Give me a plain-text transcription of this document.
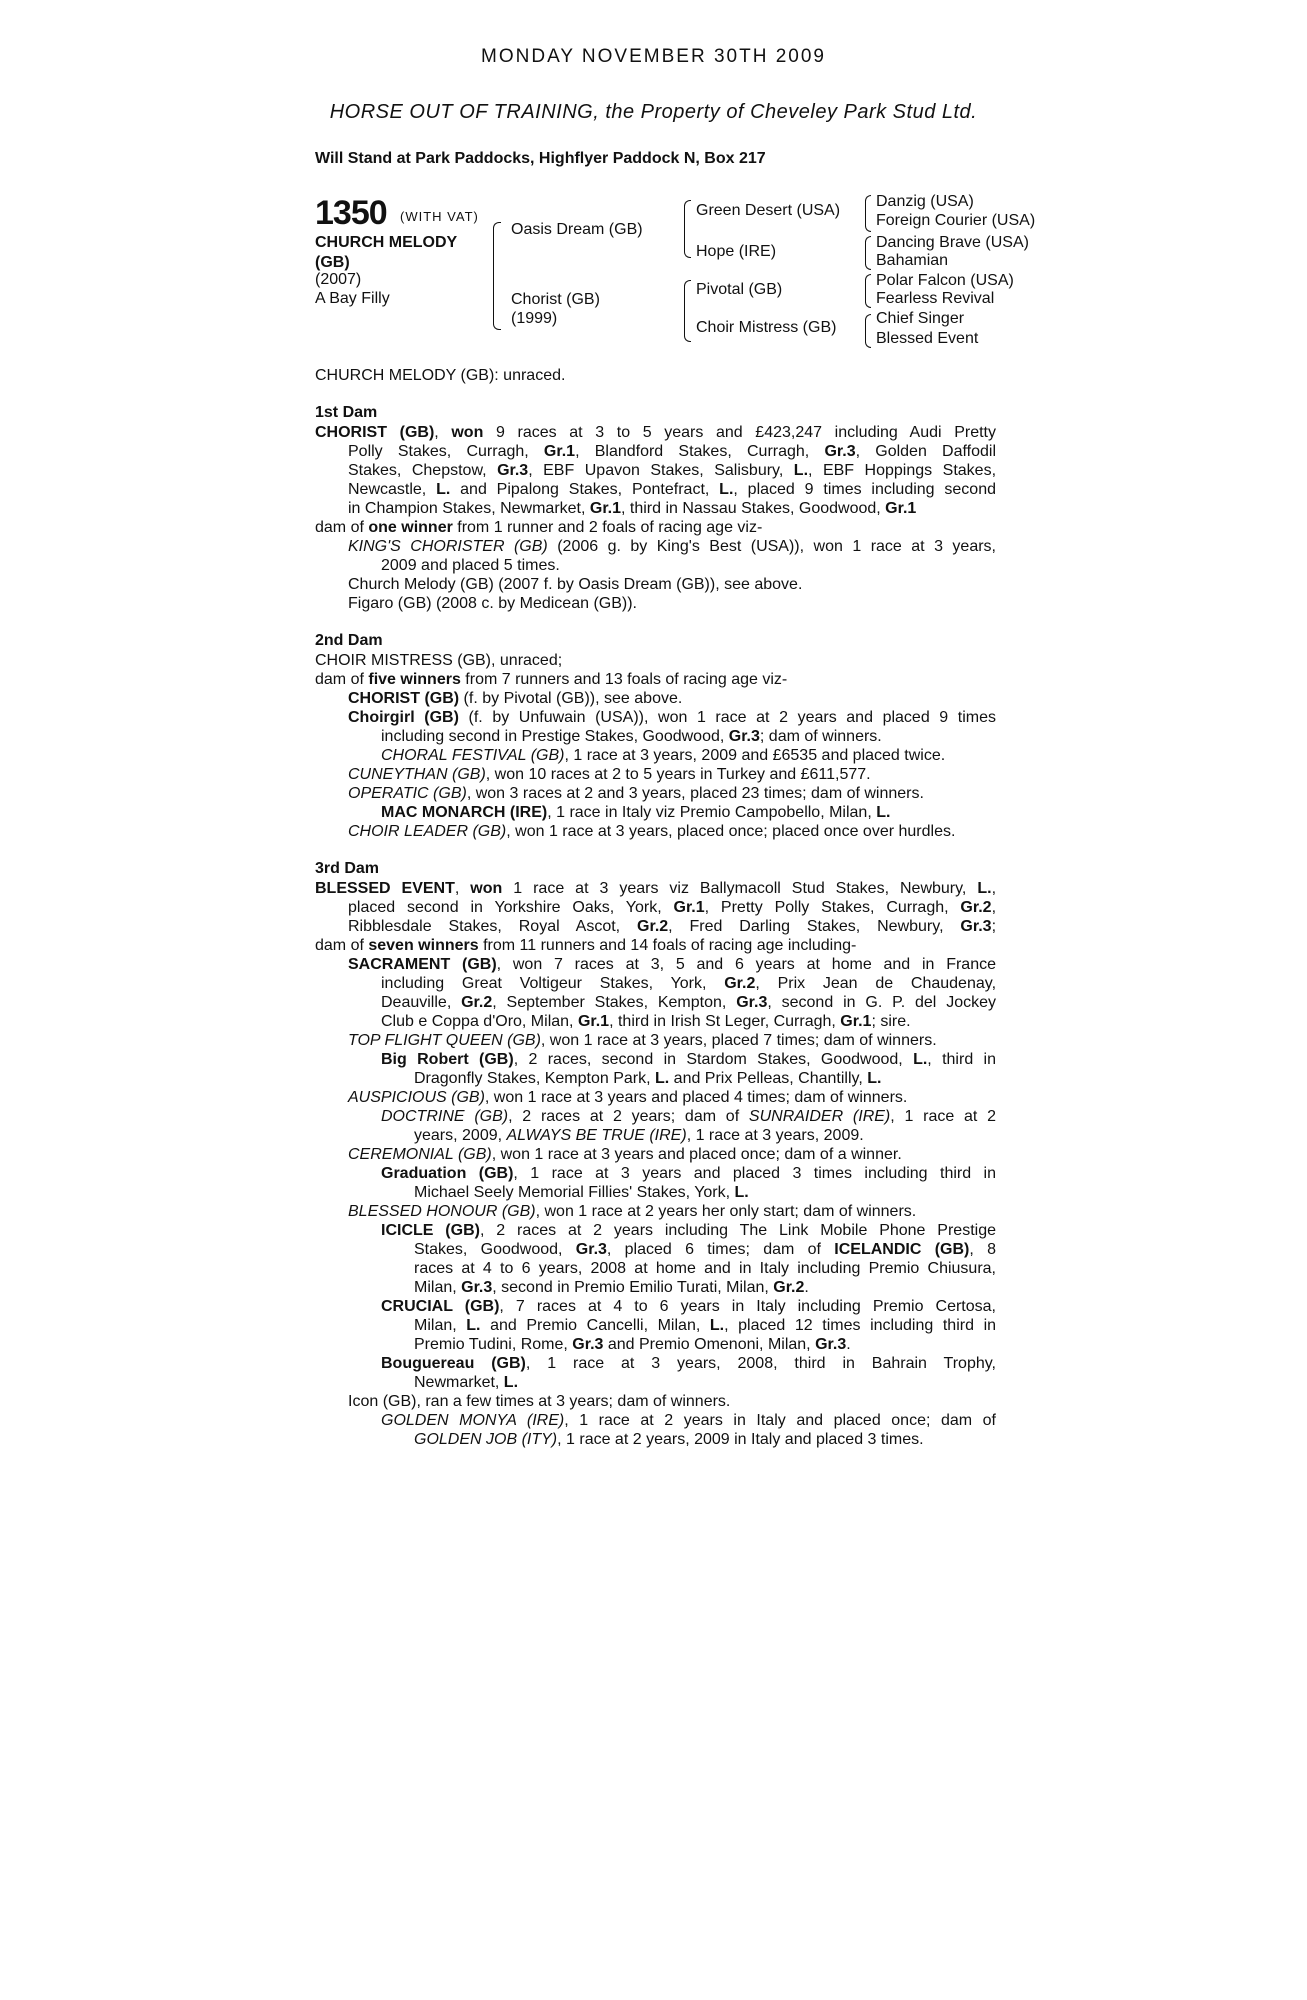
MONDAY NOVEMBER 30TH 2009
HORSE OUT OF TRAINING, the Property of Cheveley Park Stud Ltd.
Will Stand at Park Paddocks, Highflyer Paddock N, Box 217
1350 (WITH VAT)
CHURCH MELODY
(GB)
(2007)
A Bay Filly
Oasis Dream (GB)
Chorist (GB)
(1999)
Green Desert (USA)
Hope (IRE)
Pivotal (GB)
Choir Mistress (GB)
Danzig (USA)
Foreign Courier (USA)
Dancing Brave (USA)
Bahamian
Polar Falcon (USA)
Fearless Revival
Chief Singer
Blessed Event
CHURCH MELODY (GB): unraced.
1st Dam
CHORIST (GB), won 9 races at 3 to 5 years and £423,247 including Audi Pretty
Polly Stakes, Curragh, Gr.1, Blandford Stakes, Curragh, Gr.3, Golden Daffodil
Stakes, Chepstow, Gr.3, EBF Upavon Stakes, Salisbury, L., EBF Hoppings Stakes,
Newcastle, L. and Pipalong Stakes, Pontefract, L., placed 9 times including second
in Champion Stakes, Newmarket, Gr.1, third in Nassau Stakes, Goodwood, Gr.1
dam of one winner from 1 runner and 2 foals of racing age viz-
KING'S CHORISTER (GB) (2006 g. by King's Best (USA)), won 1 race at 3 years,
2009 and placed 5 times.
Church Melody (GB) (2007 f. by Oasis Dream (GB)), see above.
Figaro (GB) (2008 c. by Medicean (GB)).
2nd Dam
CHOIR MISTRESS (GB), unraced;
dam of five winners from 7 runners and 13 foals of racing age viz-
CHORIST (GB) (f. by Pivotal (GB)), see above.
Choirgirl (GB) (f. by Unfuwain (USA)), won 1 race at 2 years and placed 9 times
including second in Prestige Stakes, Goodwood, Gr.3; dam of winners.
CHORAL FESTIVAL (GB), 1 race at 3 years, 2009 and £6535 and placed twice.
CUNEYTHAN (GB), won 10 races at 2 to 5 years in Turkey and £611,577.
OPERATIC (GB), won 3 races at 2 and 3 years, placed 23 times; dam of winners.
MAC MONARCH (IRE), 1 race in Italy viz Premio Campobello, Milan, L.
CHOIR LEADER (GB), won 1 race at 3 years, placed once; placed once over hurdles.
3rd Dam
BLESSED EVENT, won 1 race at 3 years viz Ballymacoll Stud Stakes, Newbury, L.,
placed second in Yorkshire Oaks, York, Gr.1, Pretty Polly Stakes, Curragh, Gr.2,
Ribblesdale Stakes, Royal Ascot, Gr.2, Fred Darling Stakes, Newbury, Gr.3;
dam of seven winners from 11 runners and 14 foals of racing age including-
SACRAMENT (GB), won 7 races at 3, 5 and 6 years at home and in France
including Great Voltigeur Stakes, York, Gr.2, Prix Jean de Chaudenay,
Deauville, Gr.2, September Stakes, Kempton, Gr.3, second in G. P. del Jockey
Club e Coppa d'Oro, Milan, Gr.1, third in Irish St Leger, Curragh, Gr.1; sire.
TOP FLIGHT QUEEN (GB), won 1 race at 3 years, placed 7 times; dam of winners.
Big Robert (GB), 2 races, second in Stardom Stakes, Goodwood, L., third in
Dragonfly Stakes, Kempton Park, L. and Prix Pelleas, Chantilly, L.
AUSPICIOUS (GB), won 1 race at 3 years and placed 4 times; dam of winners.
DOCTRINE (GB), 2 races at 2 years; dam of SUNRAIDER (IRE), 1 race at 2
years, 2009, ALWAYS BE TRUE (IRE), 1 race at 3 years, 2009.
CEREMONIAL (GB), won 1 race at 3 years and placed once; dam of a winner.
Graduation (GB), 1 race at 3 years and placed 3 times including third in
Michael Seely Memorial Fillies' Stakes, York, L.
BLESSED HONOUR (GB), won 1 race at 2 years her only start; dam of winners.
ICICLE (GB), 2 races at 2 years including The Link Mobile Phone Prestige
Stakes, Goodwood, Gr.3, placed 6 times; dam of ICELANDIC (GB), 8
races at 4 to 6 years, 2008 at home and in Italy including Premio Chiusura,
Milan, Gr.3, second in Premio Emilio Turati, Milan, Gr.2.
CRUCIAL (GB), 7 races at 4 to 6 years in Italy including Premio Certosa,
Milan, L. and Premio Cancelli, Milan, L., placed 12 times including third in
Premio Tudini, Rome, Gr.3 and Premio Omenoni, Milan, Gr.3.
Bouguereau (GB), 1 race at 3 years, 2008, third in Bahrain Trophy,
Newmarket, L.
Icon (GB), ran a few times at 3 years; dam of winners.
GOLDEN MONYA (IRE), 1 race at 2 years in Italy and placed once; dam of
GOLDEN JOB (ITY), 1 race at 2 years, 2009 in Italy and placed 3 times.
